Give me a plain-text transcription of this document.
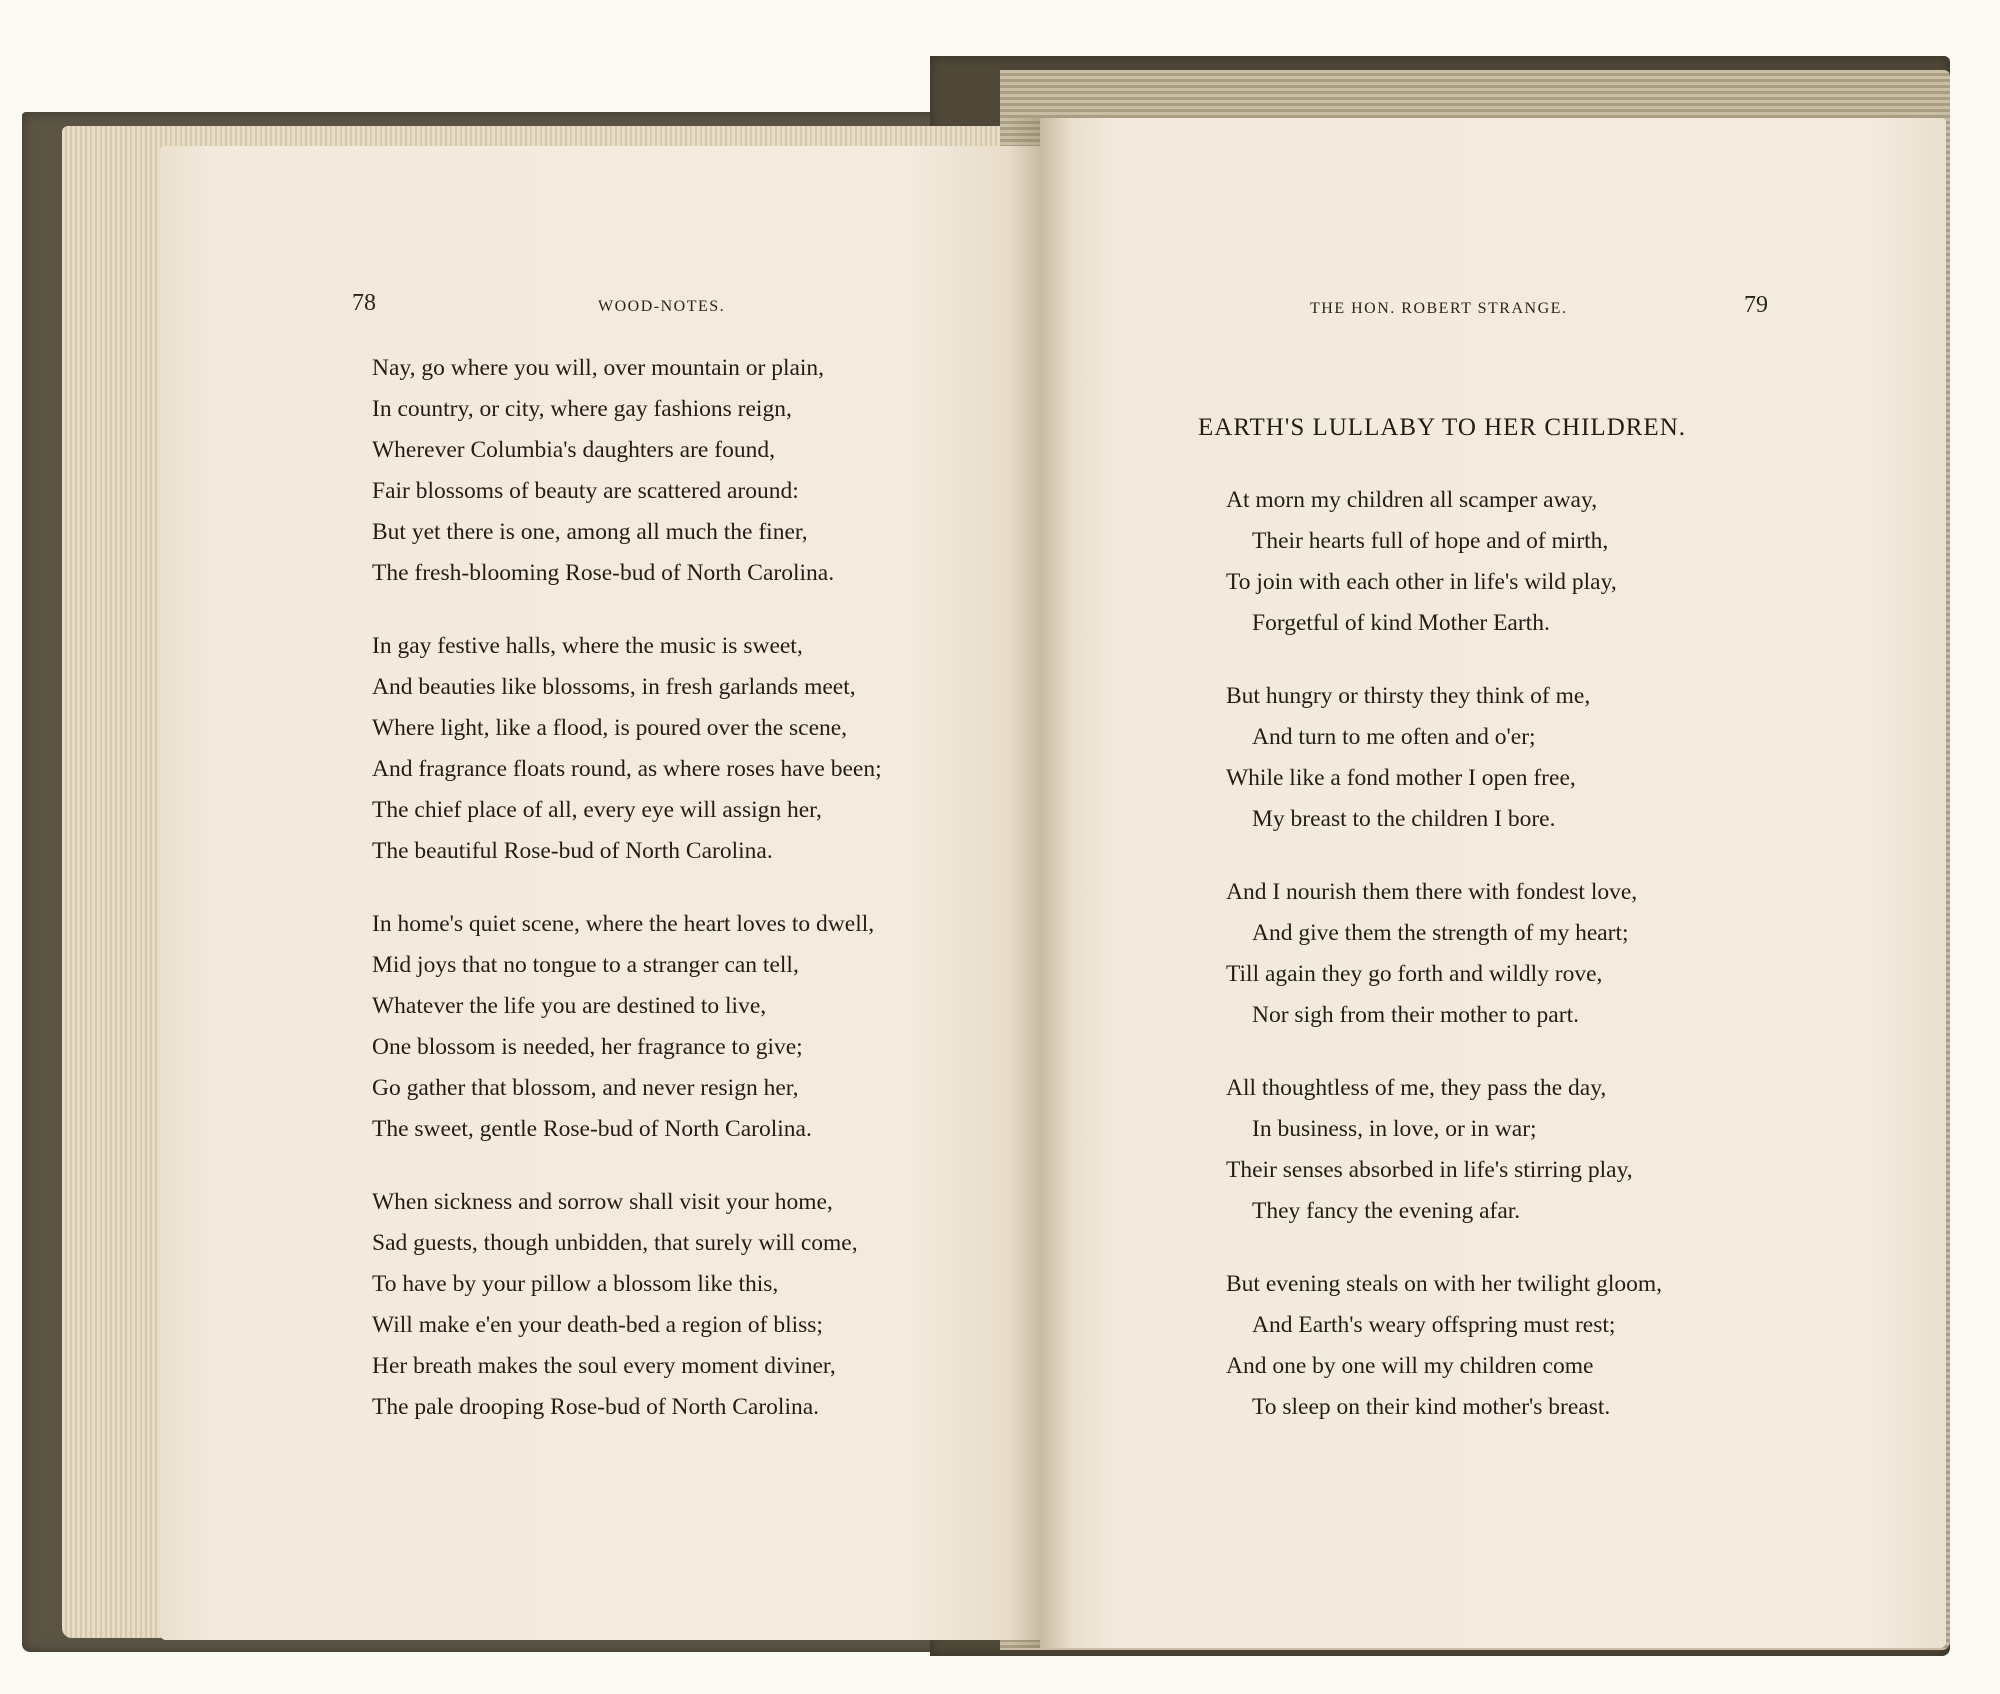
78	WOOD-NOTES.
Nay, go where you will, over mountain or plain,
In country, or city, where gay fashions reign,
Wherever Columbia's daughters are found,
Fair blossoms of beauty are scattered around:
But yet there is one, among all much the finer,
The fresh-blooming Rose-bud of North Carolina.
In gay festive halls, where the music is sweet,
And beauties like blossoms, in fresh garlands meet,
Where light, like a flood, is poured over the scene,
And fragrance floats round, as where roses have been;
The chief place of all, every eye will assign her,
The beautiful Rose-bud of North Carolina.
In home's quiet scene, where the heart loves to dwell,
Mid joys that no tongue to a stranger can tell,
Whatever the life you are destined to live,
One blossom is needed, her fragrance to give;
Go gather that blossom, and never resign her,
The sweet, gentle Rose-bud of North Carolina.
When sickness and sorrow shall visit your home,
Sad guests, though unbidden, that surely will come,
To have by your pillow a blossom like this,
Will make e'en your death-bed a region of bliss;
Her breath makes the soul every moment diviner,
The pale drooping Rose-bud of North Carolina.
THE HON. ROBERT STRANGE.	79
EARTH'S LULLABY TO HER CHILDREN.
At morn my children all scamper away,
Their hearts full of hope and of mirth,
To join with each other in life's wild play,
Forgetful of kind Mother Earth.
But hungry or thirsty they think of me,
And turn to me often and o'er;
While like a fond mother I open free,
My breast to the children I bore.
And I nourish them there with fondest love,
And give them the strength of my heart;
Till again they go forth and wildly rove,
Nor sigh from their mother to part.
All thoughtless of me, they pass the day,
In business, in love, or in war;
Their senses absorbed in life's stirring play,
They fancy the evening afar.
But evening steals on with her twilight gloom,
And Earth's weary offspring must rest;
And one by one will my children come
To sleep on their kind mother's breast.
